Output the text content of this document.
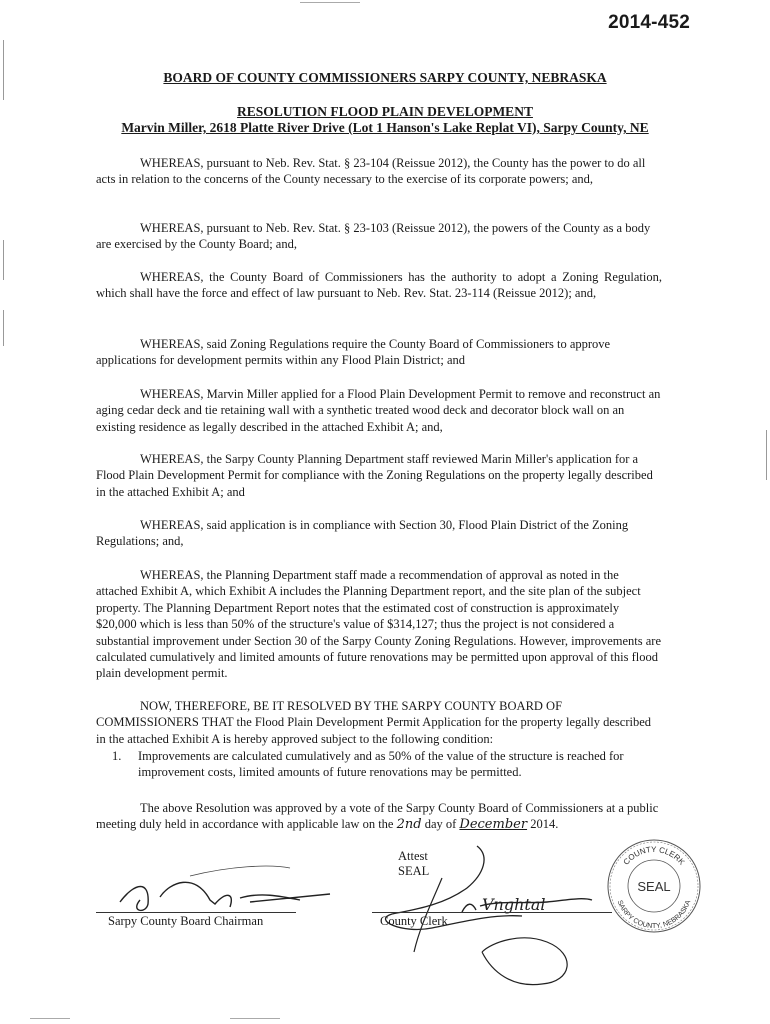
2014-452
BOARD OF COUNTY COMMISSIONERS SARPY COUNTY, NEBRASKA
RESOLUTION FLOOD PLAIN DEVELOPMENT
Marvin Miller, 2618 Platte River Drive (Lot 1 Hanson's Lake Replat VI), Sarpy County, NE

WHEREAS, pursuant to Neb. Rev. Stat. § 23-104 (Reissue 2012), the County has the power to do all acts in relation to the concerns of the County necessary to the exercise of its corporate powers; and,

WHEREAS, pursuant to Neb. Rev. Stat. § 23-103 (Reissue 2012), the powers of the County as a body are exercised by the County Board; and,

WHEREAS, the County Board of Commissioners has the authority to adopt a Zoning Regulation, which shall have the force and effect of law pursuant to Neb. Rev. Stat. 23-114 (Reissue 2012); and,

WHEREAS, said Zoning Regulations require the County Board of Commissioners to approve applications for development permits within any Flood Plain District; and

WHEREAS, Marvin Miller applied for a Flood Plain Development Permit to remove and reconstruct an aging cedar deck and tie retaining wall with a synthetic treated wood deck and decorator block wall on an existing residence as legally described in the attached Exhibit A; and,

WHEREAS, the Sarpy County Planning Department staff reviewed Marin Miller's application for a Flood Plain Development Permit for compliance with the Zoning Regulations on the property legally described in the attached Exhibit A; and

WHEREAS, said application is in compliance with Section 30, Flood Plain District of the Zoning Regulations; and,

WHEREAS, the Planning Department staff made a recommendation of approval as noted in the attached Exhibit A, which Exhibit A includes the Planning Department report, and the site plan of the subject property. The Planning Department Report notes that the estimated cost of construction is approximately $20,000 which is less than 50% of the structure's value of $314,127; thus the project is not considered a substantial improvement under Section 30 of the Sarpy County Zoning Regulations. However, improvements are calculated cumulatively and limited amounts of future renovations may be permitted upon approval of this flood plain development permit.

NOW, THEREFORE, BE IT RESOLVED BY THE SARPY COUNTY BOARD OF COMMISSIONERS THAT the Flood Plain Development Permit Application for the property legally described in the attached Exhibit A is hereby approved subject to the following condition:

1. Improvements are calculated cumulatively and as 50% of the value of the structure is reached for improvement costs, limited amounts of future renovations may be permitted.

The above Resolution was approved by a vote of the Sarpy County Board of Commissioners at a public meeting duly held in accordance with applicable law on the 2nd day of December 2014.

Attest
SEAL
Sarpy County Board Chairman
Vnghtal
County Clerk
COUNTY CLERK
SARPY COUNTY, NEBRASKA
SEAL
